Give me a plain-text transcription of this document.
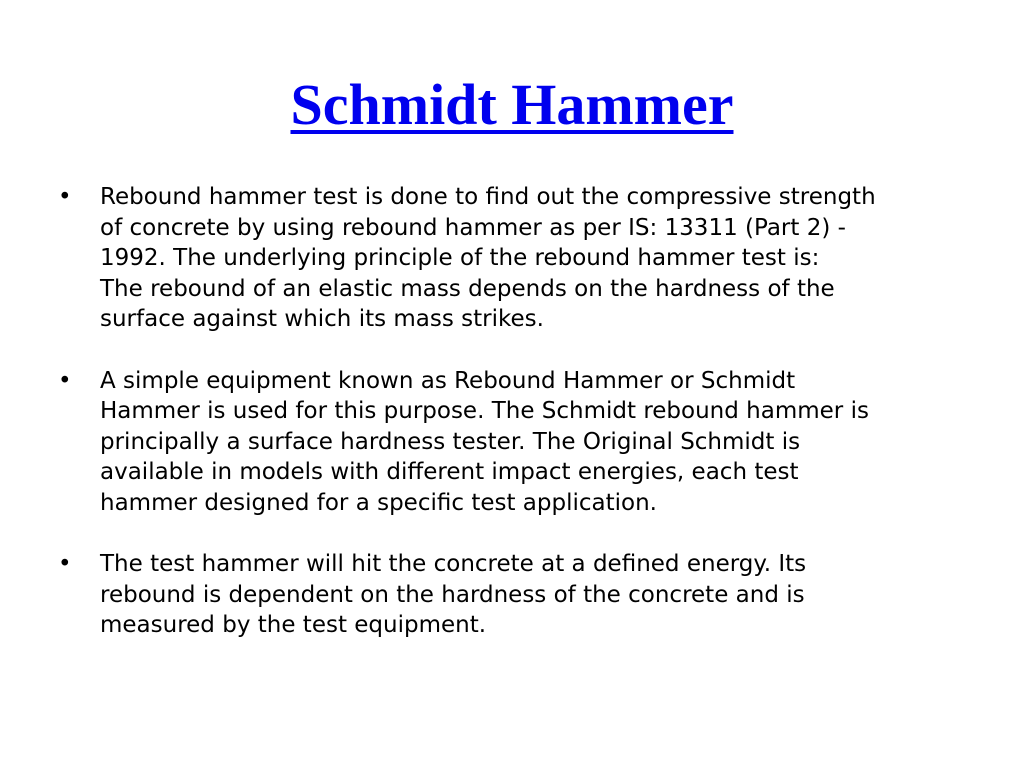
Schmidt Hammer
• Rebound hammer test is done to find out the compressive strength
of concrete by using rebound hammer as per IS: 13311 (Part 2) -
1992. The underlying principle of the rebound hammer test is:
The rebound of an elastic mass depends on the hardness of the
surface against which its mass strikes.
• A simple equipment known as Rebound Hammer or Schmidt
Hammer is used for this purpose. The Schmidt rebound hammer is
principally a surface hardness tester. The Original Schmidt is
available in models with different impact energies, each test
hammer designed for a specific test application.
• The test hammer will hit the concrete at a defined energy. Its
rebound is dependent on the hardness of the concrete and is
measured by the test equipment.
